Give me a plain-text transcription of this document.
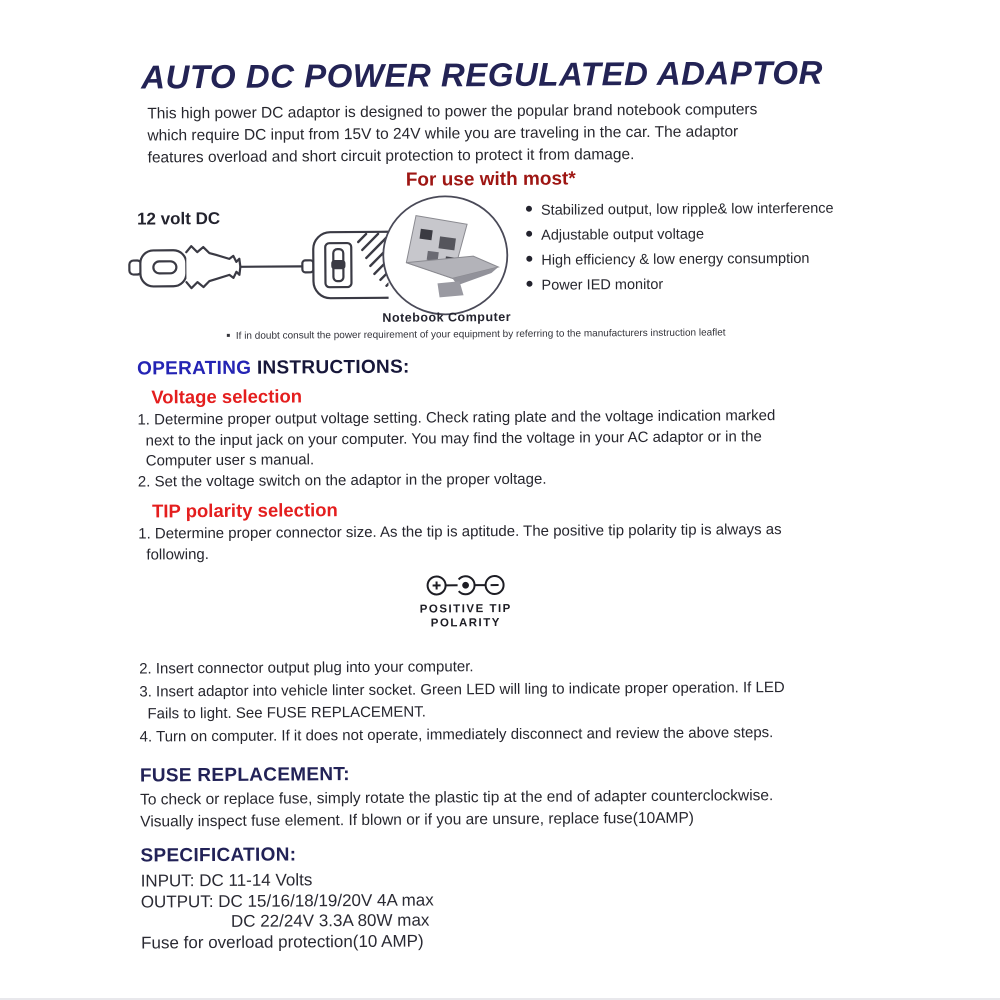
AUTO DC POWER REGULATED ADAPTOR
This high power DC adaptor is designed to power the popular brand notebook computers
which require DC input from 15V to 24V while you are traveling in the car. The adaptor
features overload and short circuit protection to protect it from damage.
For use with most*
12 volt DC
Notebook Computer
Stabilized output, low ripple& low interference
Adjustable output voltage
High efficiency & low energy consumption
Power IED monitor
If in doubt consult the power requirement of your equipment by referring to the manufacturers instruction leaflet
OPERATING INSTRUCTIONS:
Voltage selection
1. Determine proper output voltage setting. Check rating plate and the voltage indication marked
next to the input jack on your computer. You may find the voltage in your AC adaptor or in the
Computer user s manual.
2. Set the voltage switch on the adaptor in the proper voltage.
TIP polarity selection
1. Determine proper connector size. As the tip is aptitude. The positive tip polarity tip is always as
following.
POSITIVE TIP
POLARITY
2. Insert connector output plug into your computer.
3. Insert adaptor into vehicle linter socket. Green LED will ling to indicate proper operation. If LED
Fails to light. See FUSE REPLACEMENT.
4. Turn on computer. If it does not operate, immediately disconnect and review the above steps.
FUSE REPLACEMENT:
To check or replace fuse, simply rotate the plastic tip at the end of adapter counterclockwise.
Visually inspect fuse element. If blown or if you are unsure, replace fuse(10AMP)
SPECIFICATION:
INPUT: DC 11-14 Volts
OUTPUT: DC 15/16/18/19/20V 4A max
DC 22/24V 3.3A 80W max
Fuse for overload protection(10 AMP)
